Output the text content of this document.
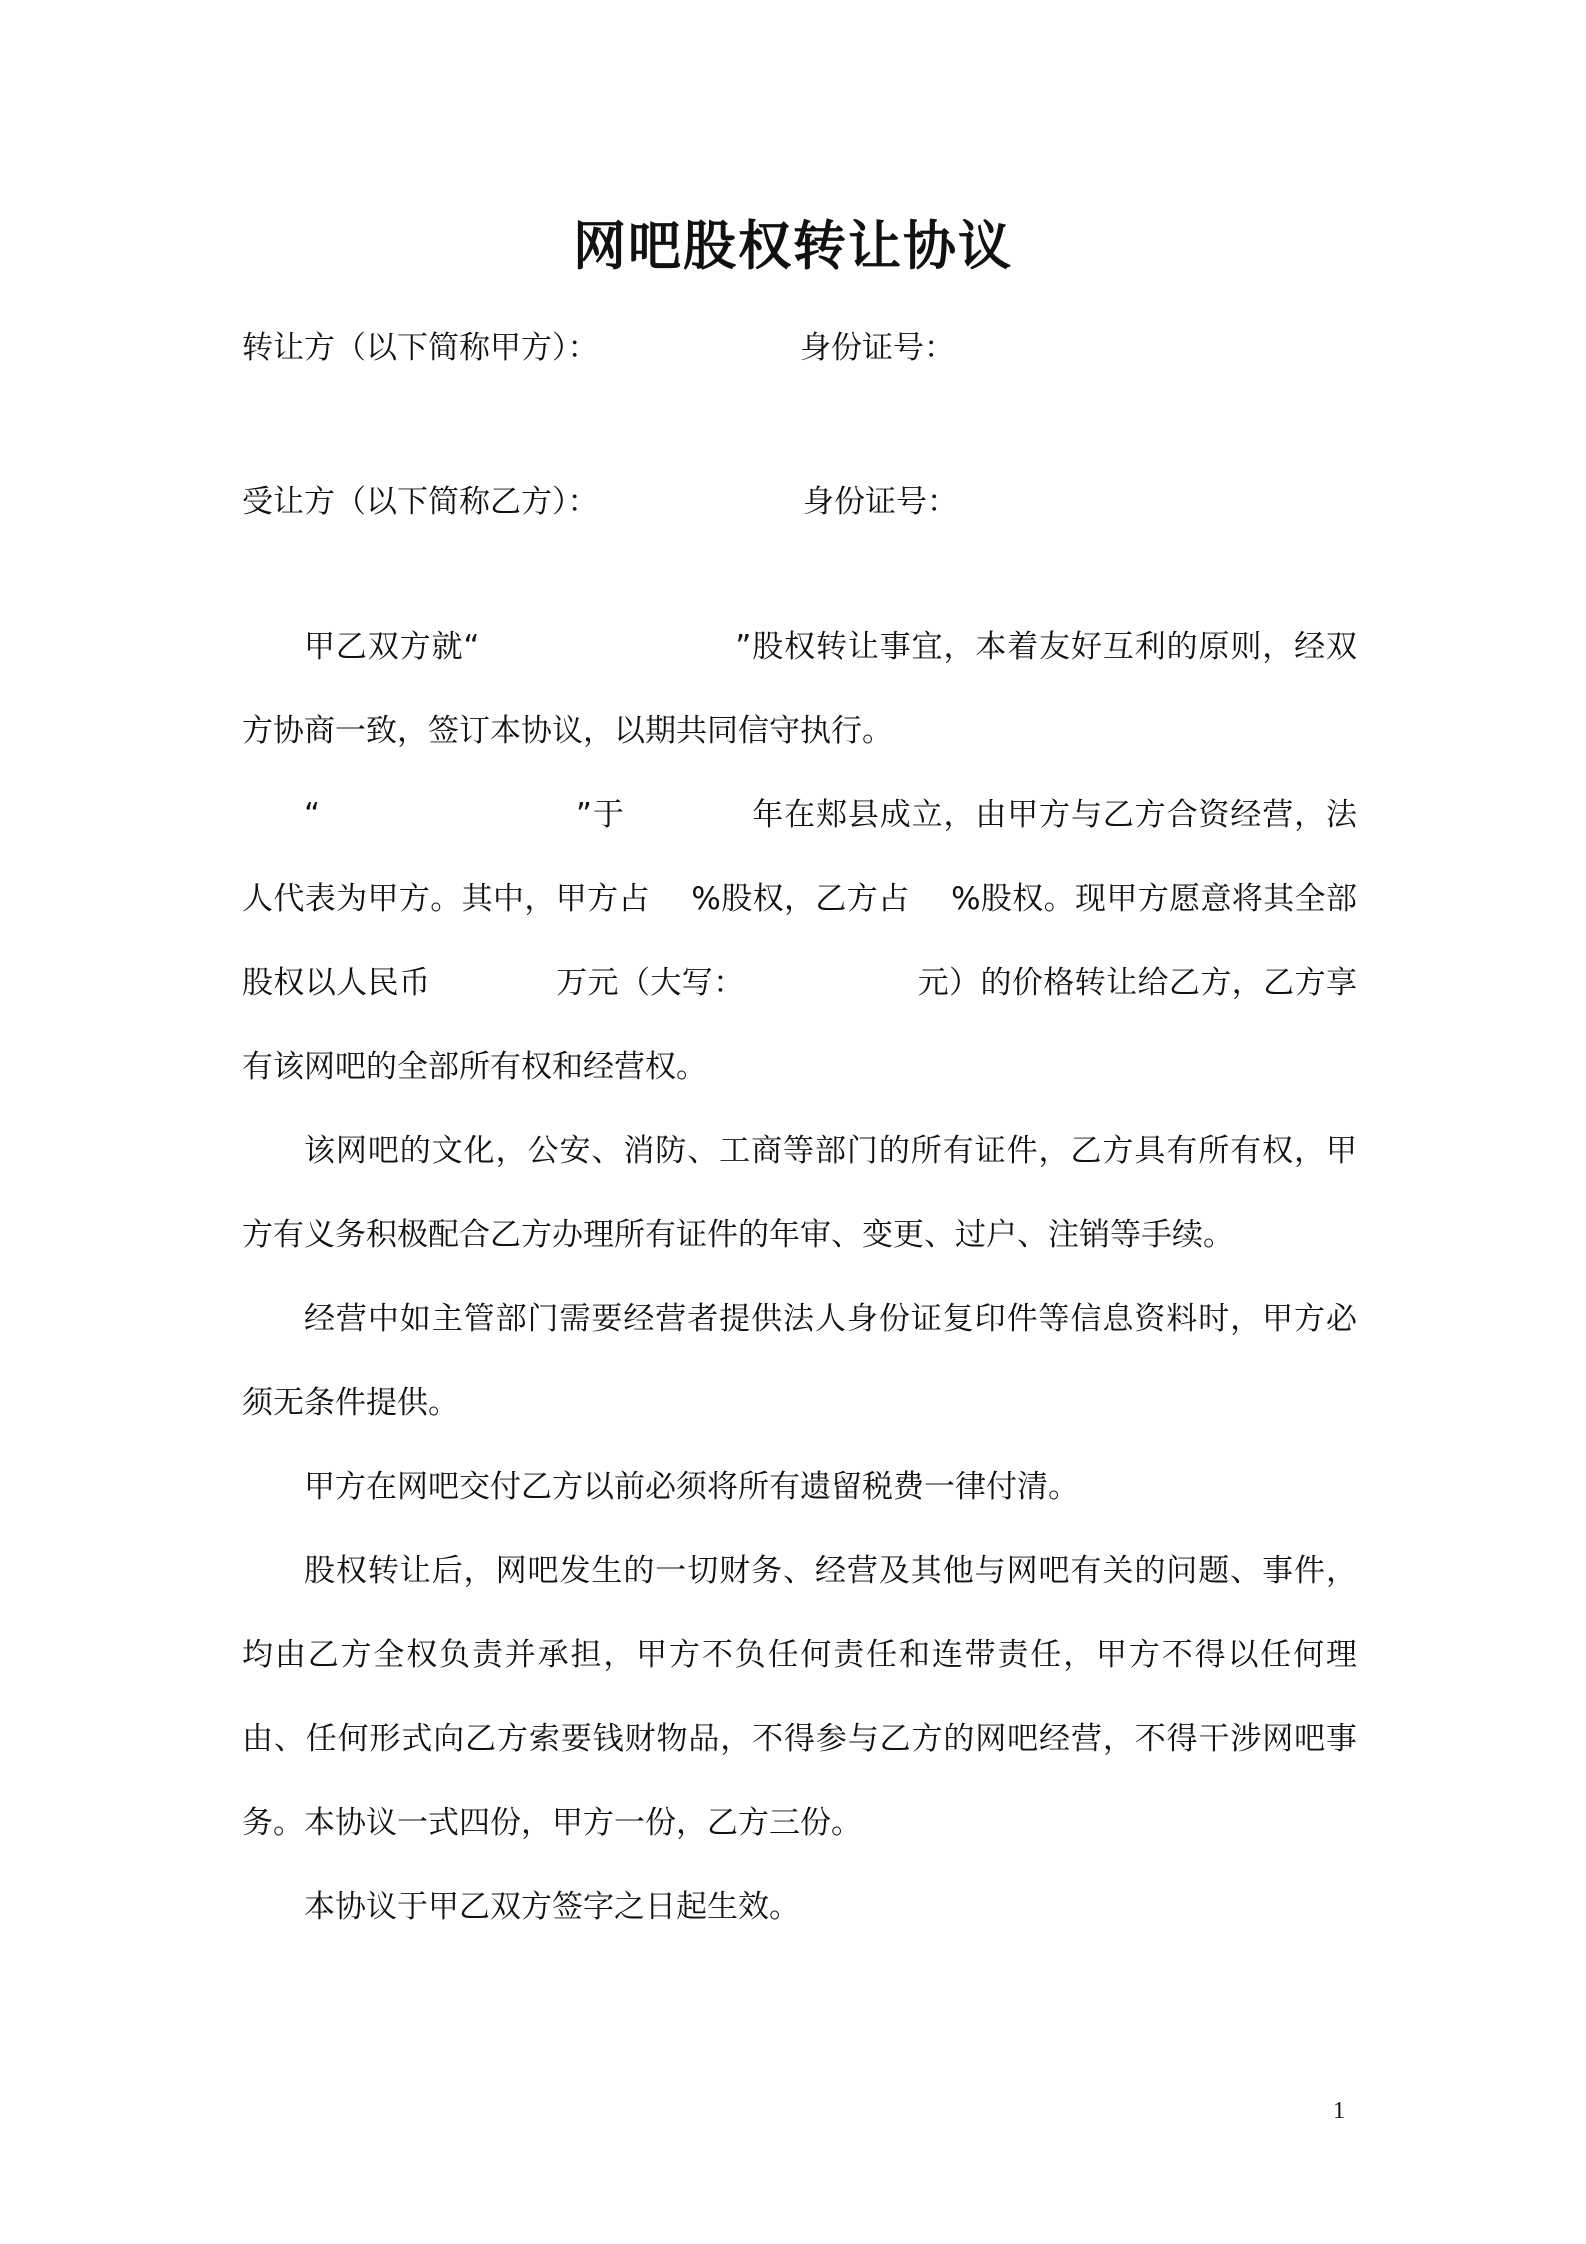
网吧股权转让协议
转让方（以下简称甲方）：	身份证号：
受让方（以下简称乙方）：	身份证号：
甲乙双方就“　　　　　　　　”股权转让事宜，本着友好互利的原则，经双方协商一致，签订本协议，以期共同信守执行。
“　　　　　　　　”于　　　　年在郏县成立，由甲方与乙方合资经营，法人代表为甲方。其中，甲方占　 %股权，乙方占　 %股权。现甲方愿意将其全部股权以人民币　　　　万元（大写：　　　　　　元）的价格转让给乙方，乙方享有该网吧的全部所有权和经营权。
该网吧的文化，公安、消防、工商等部门的所有证件，乙方具有所有权，甲方有义务积极配合乙方办理所有证件的年审、变更、过户、注销等手续。
经营中如主管部门需要经营者提供法人身份证复印件等信息资料时，甲方必须无条件提供。
甲方在网吧交付乙方以前必须将所有遗留税费一律付清。
股权转让后，网吧发生的一切财务、经营及其他与网吧有关的问题、事件，均由乙方全权负责并承担，甲方不负任何责任和连带责任，甲方不得以任何理由、任何形式向乙方索要钱财物品，不得参与乙方的网吧经营，不得干涉网吧事务。 本协议一式四份，甲方一份，乙方三份。
本协议于甲乙双方签字之日起生效。
1
